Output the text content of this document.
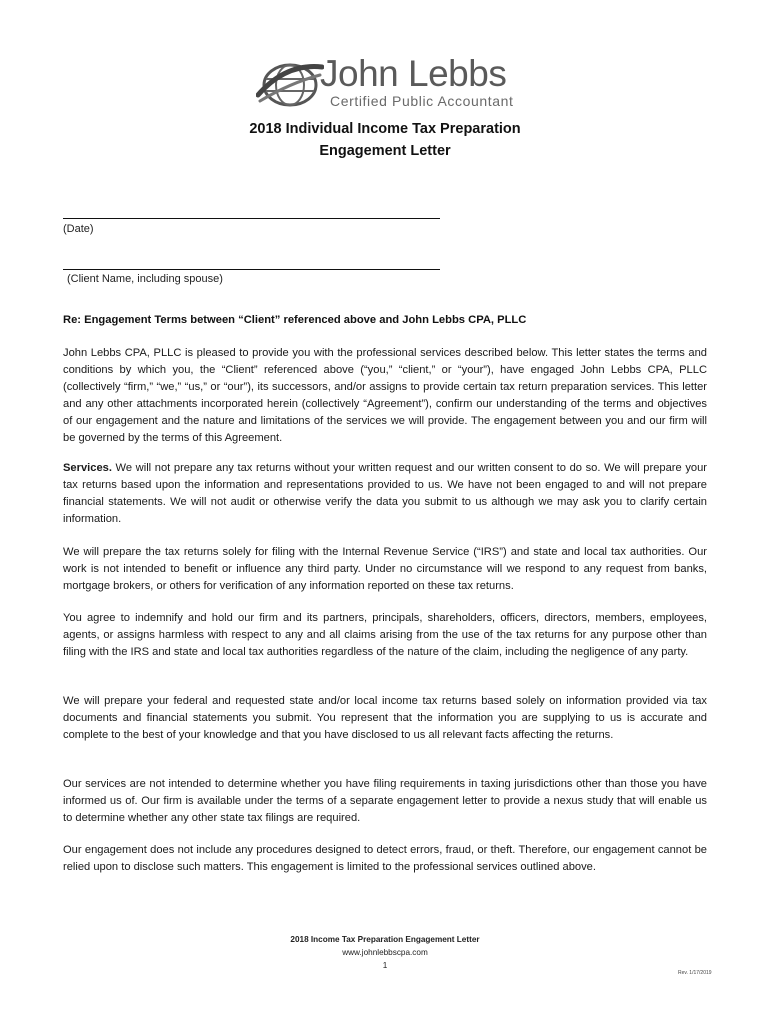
John Lebbs
Certified Public Accountant
2018 Individual Income Tax Preparation
Engagement Letter
(Date)
(Client Name, including spouse)
Re: Engagement Terms between “Client” referenced above and John Lebbs CPA, PLLC
John Lebbs CPA, PLLC is pleased to provide you with the professional services described below. This letter states the terms and conditions by which you, the “Client” referenced above (“you,” “client,” or “your”), have engaged John Lebbs CPA, PLLC (collectively “firm,” “we,” “us,” or “our”), its successors, and/or assigns to provide certain tax return preparation services. This letter and any other attachments incorporated herein (collectively “Agreement”), confirm our understanding of the terms and objectives of our engagement and the nature and limitations of the services we will provide. The engagement between you and our firm will be governed by the terms of this Agreement.
Services. We will not prepare any tax returns without your written request and our written consent to do so. We will prepare your tax returns based upon the information and representations provided to us. We have not been engaged to and will not prepare financial statements. We will not audit or otherwise verify the data you submit to us although we may ask you to clarify certain information.
We will prepare the tax returns solely for filing with the Internal Revenue Service (“IRS”) and state and local tax authorities. Our work is not intended to benefit or influence any third party. Under no circumstance will we respond to any request from banks, mortgage brokers, or others for verification of any information reported on these tax returns.
You agree to indemnify and hold our firm and its partners, principals, shareholders, officers, directors, members, employees, agents, or assigns harmless with respect to any and all claims arising from the use of the tax returns for any purpose other than filing with the IRS and state and local tax authorities regardless of the nature of the claim, including the negligence of any party.
We will prepare your federal and requested state and/or local income tax returns based solely on information provided via tax documents and financial statements you submit. You represent that the information you are supplying to us is accurate and complete to the best of your knowledge and that you have disclosed to us all relevant facts affecting the returns.
Our services are not intended to determine whether you have filing requirements in taxing jurisdictions other than those you have informed us of. Our firm is available under the terms of a separate engagement letter to provide a nexus study that will enable us to determine whether any other state tax filings are required.
Our engagement does not include any procedures designed to detect errors, fraud, or theft. Therefore, our engagement cannot be relied upon to disclose such matters. This engagement is limited to the professional services outlined above.
2018 Income Tax Preparation Engagement Letter
www.johnlebbscpa.com
1
Rev. 1/17/2019
